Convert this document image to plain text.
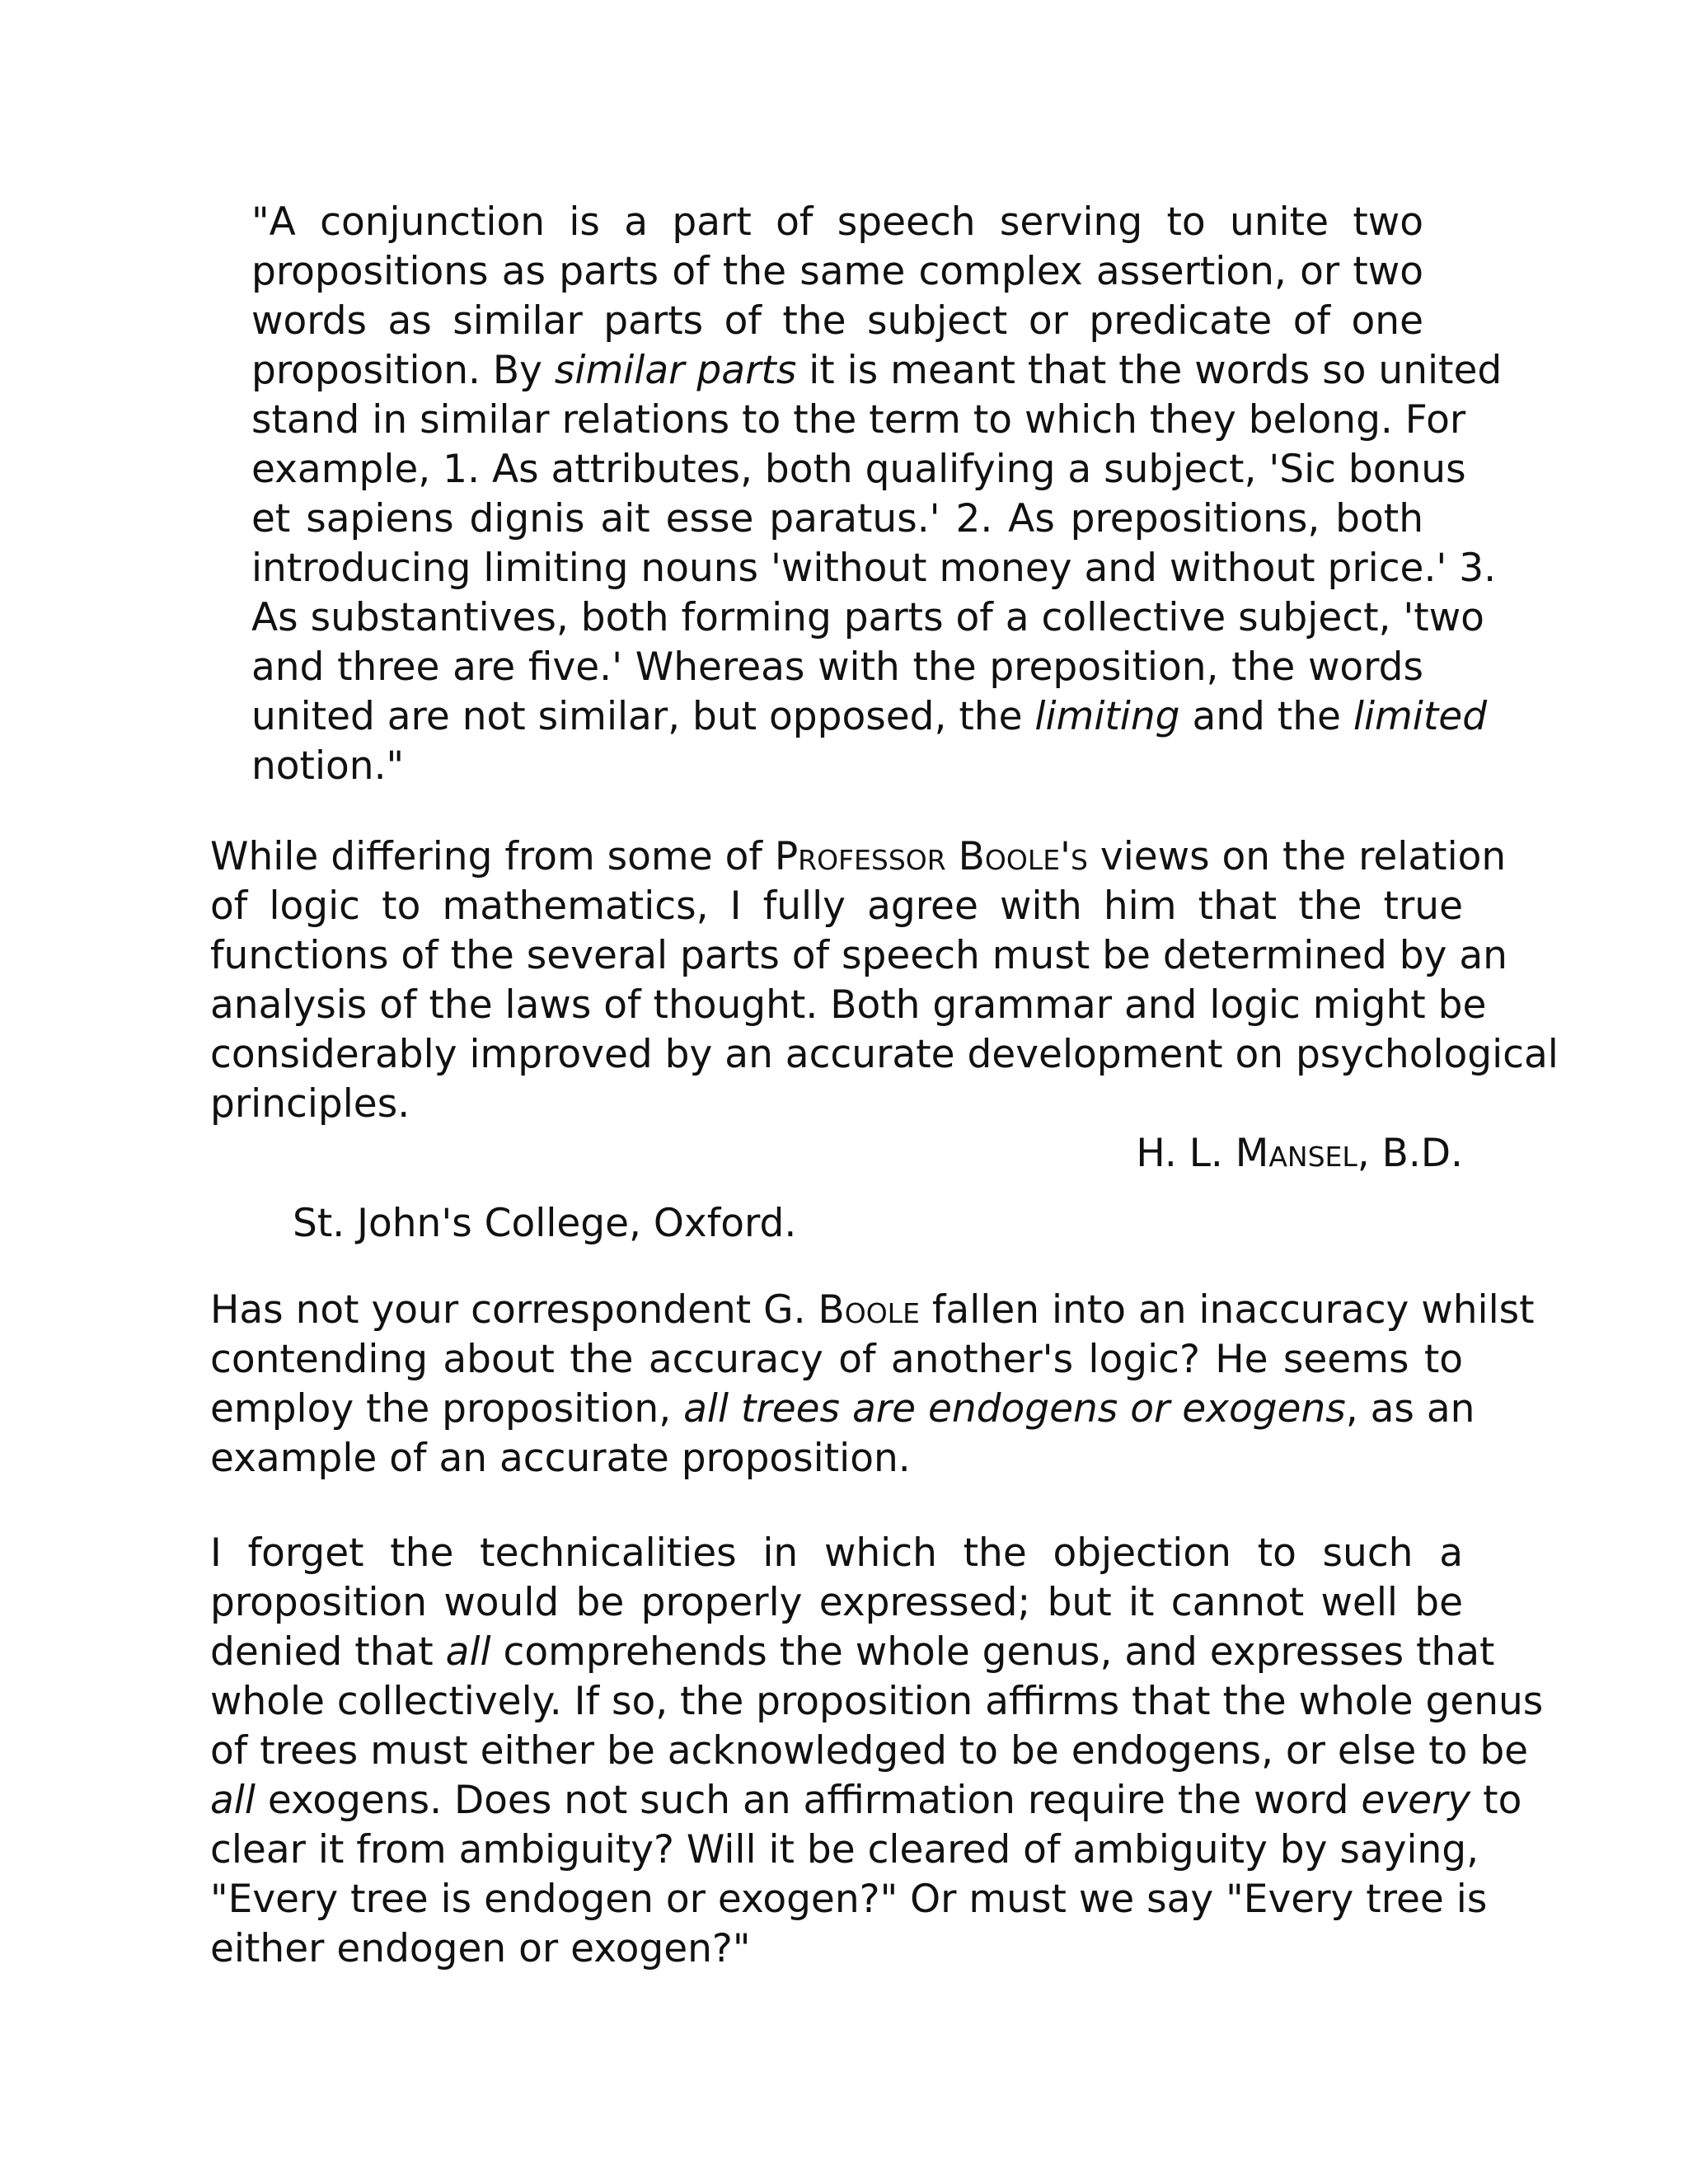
"A conjunction is a part of speech serving to unite two
propositions as parts of the same complex assertion, or two
words as similar parts of the subject or predicate of one
proposition. By similar parts it is meant that the words so united
stand in similar relations to the term to which they belong. For
example, 1. As attributes, both qualifying a subject, 'Sic bonus
et sapiens dignis ait esse paratus.' 2. As prepositions, both
introducing limiting nouns 'without money and without price.' 3.
As substantives, both forming parts of a collective subject, 'two
and three are five.' Whereas with the preposition, the words
united are not similar, but opposed, the limiting and the limited
notion."
While differing from some of Professor Boole's views on the relation
of logic to mathematics, I fully agree with him that the true
functions of the several parts of speech must be determined by an
analysis of the laws of thought. Both grammar and logic might be
considerably improved by an accurate development on psychological
principles.
H. L. Mansel, B.D.
St. John's College, Oxford.
Has not your correspondent G. Boole fallen into an inaccuracy whilst
contending about the accuracy of another's logic? He seems to
employ the proposition, all trees are endogens or exogens, as an
example of an accurate proposition.
I forget the technicalities in which the objection to such a
proposition would be properly expressed; but it cannot well be
denied that all comprehends the whole genus, and expresses that
whole collectively. If so, the proposition affirms that the whole genus
of trees must either be acknowledged to be endogens, or else to be
all exogens. Does not such an affirmation require the word every to
clear it from ambiguity? Will it be cleared of ambiguity by saying,
"Every tree is endogen or exogen?" Or must we say "Every tree is
either endogen or exogen?"
